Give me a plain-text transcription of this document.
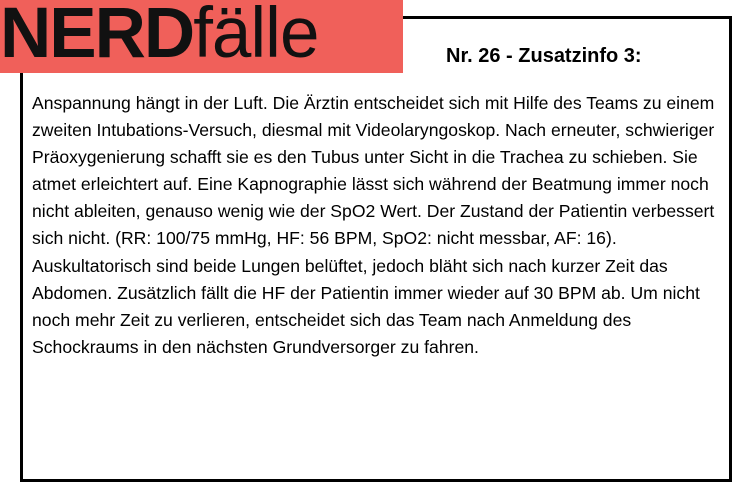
NERDfälle	Nr. 26 - Zusatzinfo 3:

Anspannung hängt in der Luft. Die Ärztin entscheidet sich mit Hilfe des Teams zu einem zweiten Intubations-Versuch, diesmal mit Videolaryngoskop. Nach erneuter, schwieriger Präoxygenierung schafft sie es den Tubus unter Sicht in die Trachea zu schieben. Sie atmet erleichtert auf. Eine Kapnographie lässt sich während der Beatmung immer noch nicht ableiten, genauso wenig wie der SpO2 Wert. Der Zustand der Patientin verbessert sich nicht. (RR: 100/75 mmHg, HF: 56 BPM, SpO2: nicht messbar, AF: 16). Auskultatorisch sind beide Lungen belüftet, jedoch bläht sich nach kurzer Zeit das Abdomen. Zusätzlich fällt die HF der Patientin immer wieder auf 30 BPM ab. Um nicht noch mehr Zeit zu verlieren, entscheidet sich das Team nach Anmeldung des Schockraums in den nächsten Grundversorger zu fahren.
